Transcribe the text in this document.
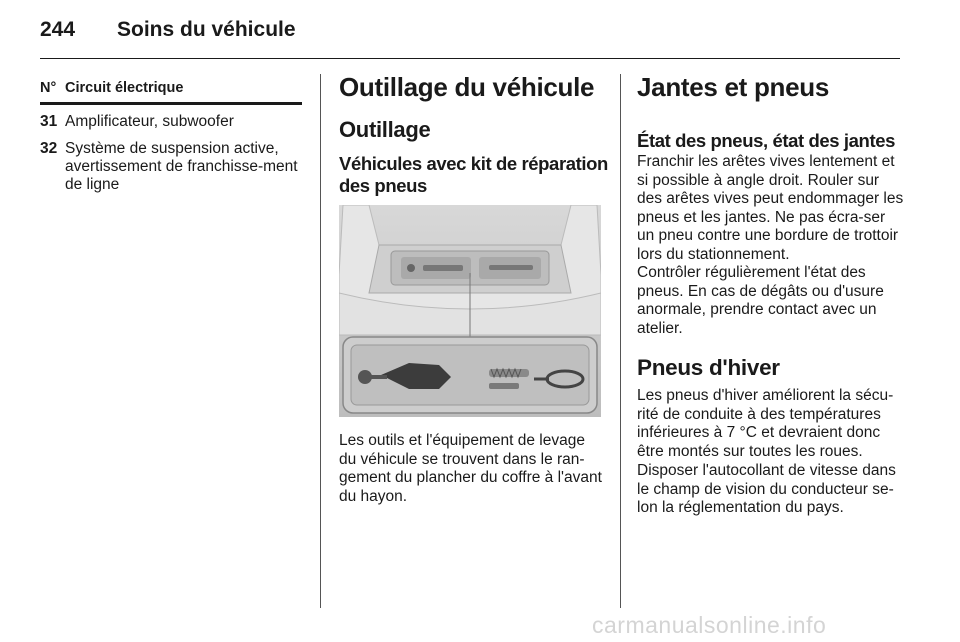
244 Soins du véhicule
N° Circuit électrique
31 Amplificateur, subwoofer
32 Système de suspension active, avertissement de franchisse-ment de ligne
Outillage du véhicule
Outillage
Véhicules avec kit de réparation des pneus
Les outils et l'équipement de levage du véhicule se trouvent dans le ran-gement du plancher du coffre à l'avant du hayon.
Jantes et pneus
État des pneus, état des jantes
Franchir les arêtes vives lentement et si possible à angle droit. Rouler sur des arêtes vives peut endommager les pneus et les jantes. Ne pas écra-ser un pneu contre une bordure de trottoir lors du stationnement.
Contrôler régulièrement l'état des pneus. En cas de dégâts ou d'usure anormale, prendre contact avec un atelier.
Pneus d'hiver
Les pneus d'hiver améliorent la sécu-rité de conduite à des températures inférieures à 7 °C et devraient donc être montés sur toutes les roues.
Disposer l'autocollant de vitesse dans le champ de vision du conducteur se-lon la réglementation du pays.
carmanualsonline.info
